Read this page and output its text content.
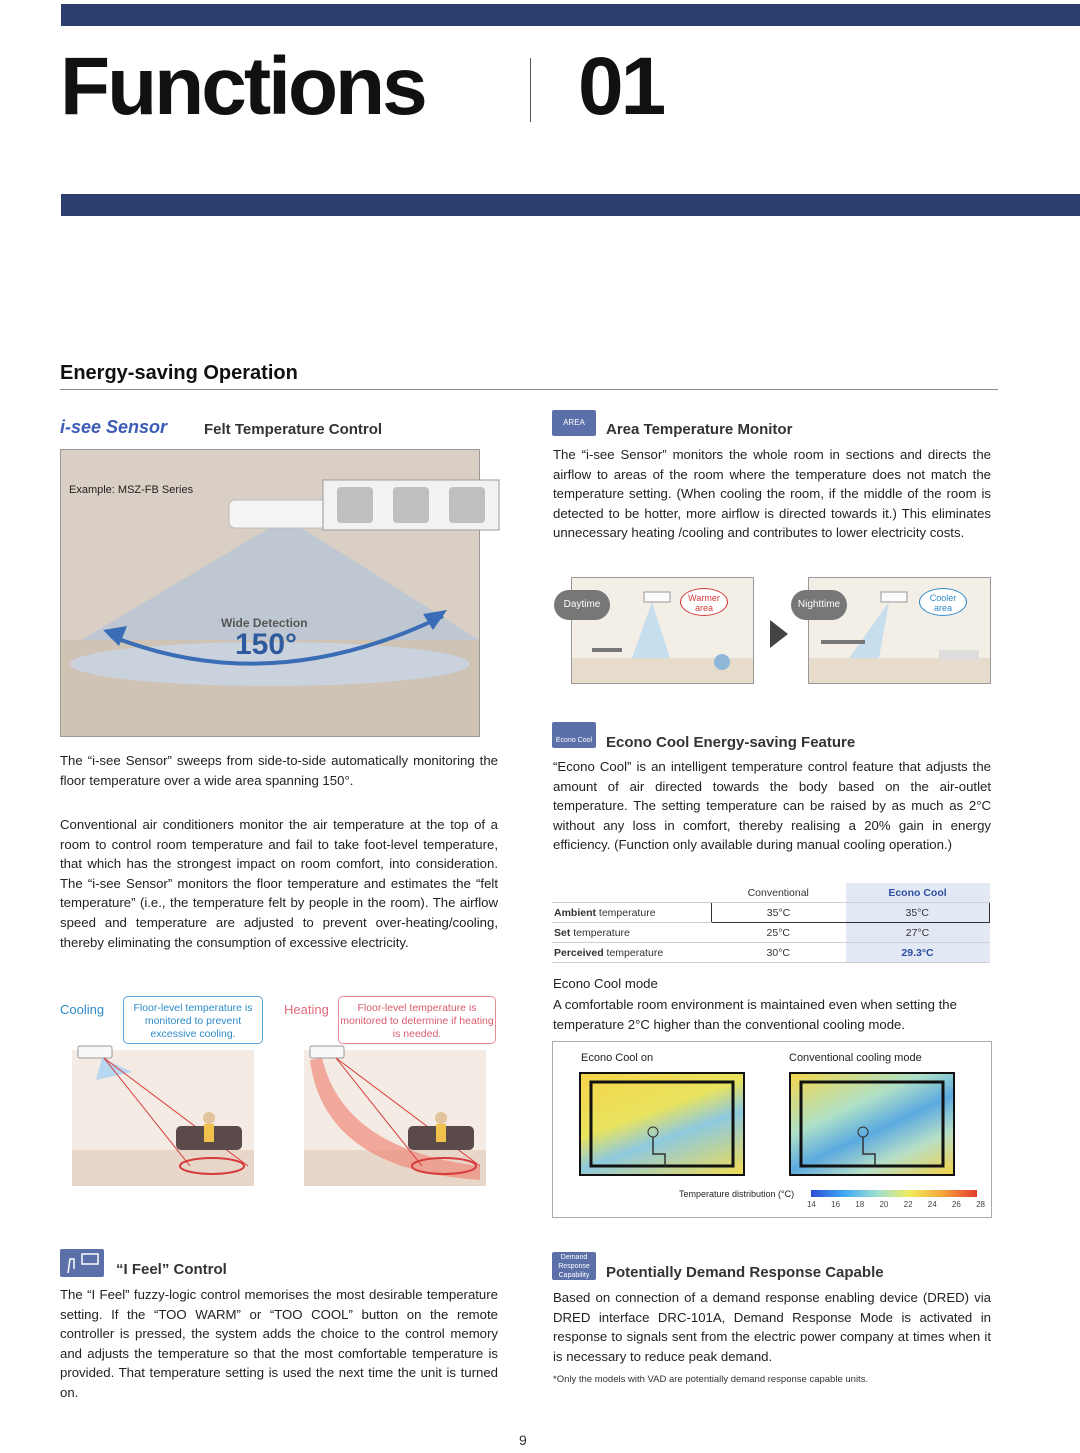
Functions 01
Energy-saving Operation
i-see Sensor Felt Temperature Control
Example: MSZ-FB Series
Wide Detection
150°
The “i-see Sensor” sweeps from side-to-side automatically monitoring the floor temperature over a wide area spanning 150°.
Conventional air conditioners monitor the air temperature at the top of a room to control room temperature and fail to take foot-level temperature, that which has the strongest impact on room comfort, into consideration. The “i-see Sensor” monitors the floor temperature and estimates the “felt temperature” (i.e., the temperature felt by people in the room). The airflow speed and temperature are adjusted to prevent over-heating/cooling, thereby eliminating the consumption of excessive electricity.
Cooling	Floor-level temperature is monitored to prevent excessive cooling.
Heating	Floor-level temperature is monitored to determine if heating is needed.
“I Feel” Control
The “I Feel” fuzzy-logic control memorises the most desirable temperature setting. If the “TOO WARM” or “TOO COOL” button on the remote controller is pressed, the system adds the choice to the control memory and adjusts the temperature so that the most comfortable temperature is provided. That temperature setting is used the next time the unit is turned on.
AREA	Area Temperature Monitor
The “i-see Sensor” monitors the whole room in sections and directs the airflow to areas of the room where the temperature does not match the temperature setting. (When cooling the room, if the middle of the room is detected to be hotter, more airflow is directed towards it.) This eliminates unnecessary heating /cooling and contributes to lower electricity costs.
Daytime
Warmer area	Nighttime
Cooler area
Econo Cool Econo Cool Energy-saving Feature
“Econo Cool” is an intelligent temperature control feature that adjusts the amount of air directed towards the body based on the air-outlet temperature. The setting temperature can be raised by as much as 2°C without any loss in comfort, thereby realising a 20% gain in energy efficiency. (Function only available during manual cooling operation.)
	Conventional	Econo Cool
Ambient temperature	35°C	35°C
Set temperature	25°C	27°C
Perceived temperature	30°C	29.3°C
Econo Cool mode
A comfortable room environment is maintained even when setting the temperature 2°C higher than the conventional cooling mode.
Econo Cool on	Conventional cooling mode
Temperature distribution (°C)
14 16 18 20 22 24 26 28
Demand Response Capability	Potentially Demand Response Capable
Based on connection of a demand response enabling device (DRED) via DRED interface DRC-101A, Demand Response Mode is activated in response to signals sent from the electric power company at times when it is necessary to reduce peak demand.
*Only the models with VAD are potentially demand response capable units.
9
